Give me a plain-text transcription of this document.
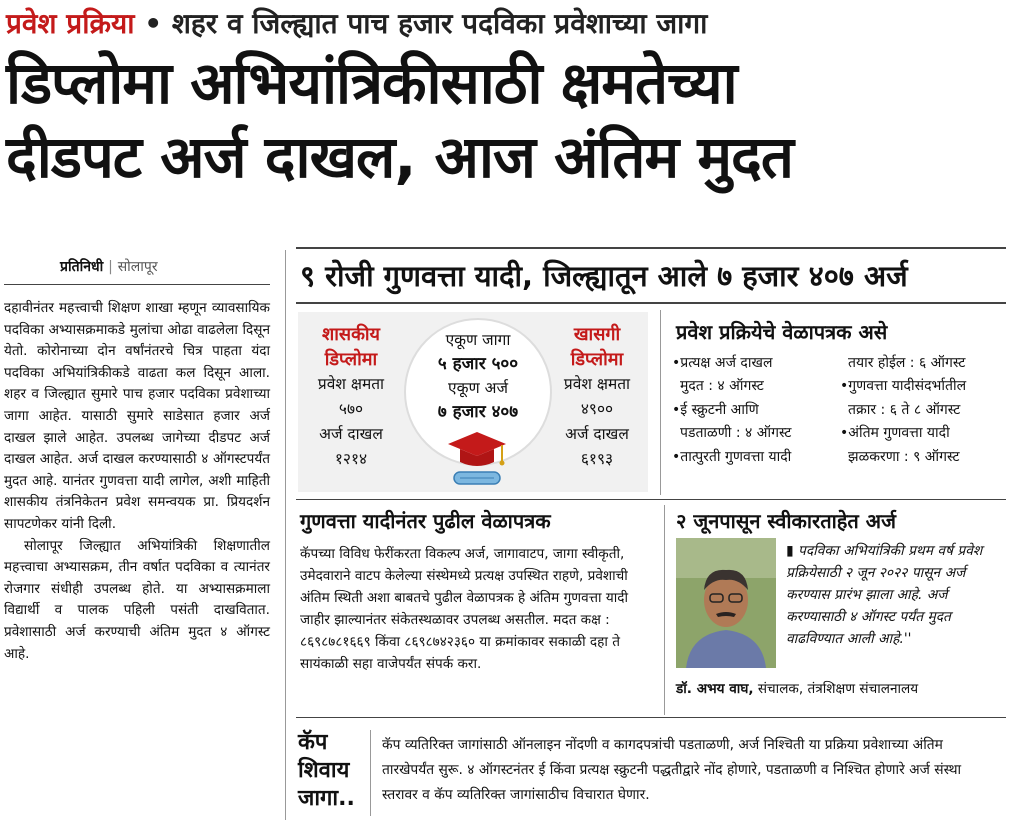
प्रवेश प्रक्रिया • शहर व जिल्ह्यात पाच हजार पदविका प्रवेशाच्या जागा
डिप्लोमा अभियांत्रिकीसाठी क्षमतेच्या
दीडपट अर्ज दाखल, आज अंतिम मुदत
प्रतिनिधी | सोलापूर

दहावीनंतर महत्त्वाची शिक्षण शाखा म्हणून व्यावसायिक पदविका अभ्यासक्रमाकडे मुलांचा ओढा वाढलेला दिसून येतो. कोरोनाच्या दोन वर्षांनंतरचे चित्र पाहता यंदा पदविका अभियांत्रिकीकडे वाढता कल दिसून आला. शहर व जिल्ह्यात सुमारे पाच हजार पदविका प्रवेशाच्या जागा आहेत. यासाठी सुमारे साडेसात हजार अर्ज दाखल झाले आहेत. उपलब्ध जागेच्या दीडपट अर्ज दाखल आहेत. अर्ज दाखल करण्यासाठी ४ ऑगस्टपर्यंत मुदत आहे. यानंतर गुणवत्ता यादी लागेल, अशी माहिती शासकीय तंत्रनिकेतन प्रवेश समन्वयक प्रा. प्रियदर्शन सापटणेकर यांनी दिली.

सोलापूर जिल्ह्यात अभियांत्रिकी शिक्षणातील महत्त्वाचा अभ्यासक्रम, तीन वर्षात पदविका व त्यानंतर रोजगार संधीही उपलब्ध होते. या अभ्यासक्रमाला विद्यार्थी व पालक पहिली पसंती दाखवितात. प्रवेशासाठी अर्ज करण्याची अंतिम मुदत ४ ऑगस्ट आहे.

९ रोजी गुणवत्ता यादी, जिल्ह्यातून आले ७ हजार ४०७ अर्ज
शासकीय
डिप्लोमा
प्रवेश क्षमता
५७०
अर्ज दाखल
१२१४
एकूण जागा
५ हजार ५००
एकूण अर्ज
७ हजार ४०७
खासगी
डिप्लोमा
प्रवेश क्षमता
४९००
अर्ज दाखल
६१९३
प्रवेश प्रक्रियेचे वेळापत्रक असे
•प्रत्यक्ष अर्ज दाखल
मुदत : ४ ऑगस्ट
•ई स्क्रुटनी आणि
पडताळणी : ४ ऑगस्ट
•तात्पुरती गुणवत्ता यादी
तयार होईल : ६ ऑगस्ट
•गुणवत्ता यादीसंदर्भातील
तक्रार : ६ ते ८ ऑगस्ट
•अंतिम गुणवत्ता यादी
झळकरणा : ९ ऑगस्ट
गुणवत्ता यादीनंतर पुढील वेळापत्रक
कॅपच्या विविध फेरींकरता विकल्प अर्ज, जागावाटप, जागा स्वीकृती, उमेदवाराने वाटप केलेल्या संस्थेमध्ये प्रत्यक्ष उपस्थित राहणे, प्रवेशाची अंतिम स्थिती अशा बाबतचे पुढील वेळापत्रक हे अंतिम गुणवत्ता यादी जाहीर झाल्यानंतर संकेतस्थळावर उपलब्ध असतील. मदत कक्ष : ८६९८७८१६६९ किंवा ८६९८७४२३६० या क्रमांकावर सकाळी दहा ते सायंकाळी सहा वाजेपर्यंत संपर्क करा.
२ जूनपासून स्वीकारताहेत अर्ज
▮ पदविका अभियांत्रिकी प्रथम वर्ष प्रवेश प्रक्रियेसाठी २ जून २०२२ पासून अर्ज करण्यास प्रारंभ झाला आहे. अर्ज करण्यासाठी ४ ऑगस्ट पर्यंत मुदत वाढविण्यात आली आहे.''
डॉ. अभय वाघ, संचालक, तंत्रशिक्षण संचालनालय
कॅप
शिवाय
जागा..
कॅप व्यतिरिक्त जागांसाठी ऑनलाइन नोंदणी व कागदपत्रांची पडताळणी, अर्ज निश्चिती या प्रक्रिया प्रवेशाच्या अंतिम तारखेपर्यंत सुरू. ४ ऑगस्टनंतर ई किंवा प्रत्यक्ष स्क्रुटनी पद्धतीद्वारे नोंद होणारे, पडताळणी व निश्चित होणारे अर्ज संस्था स्तरावर व कॅप व्यतिरिक्त जागांसाठीच विचारात घेणार.
